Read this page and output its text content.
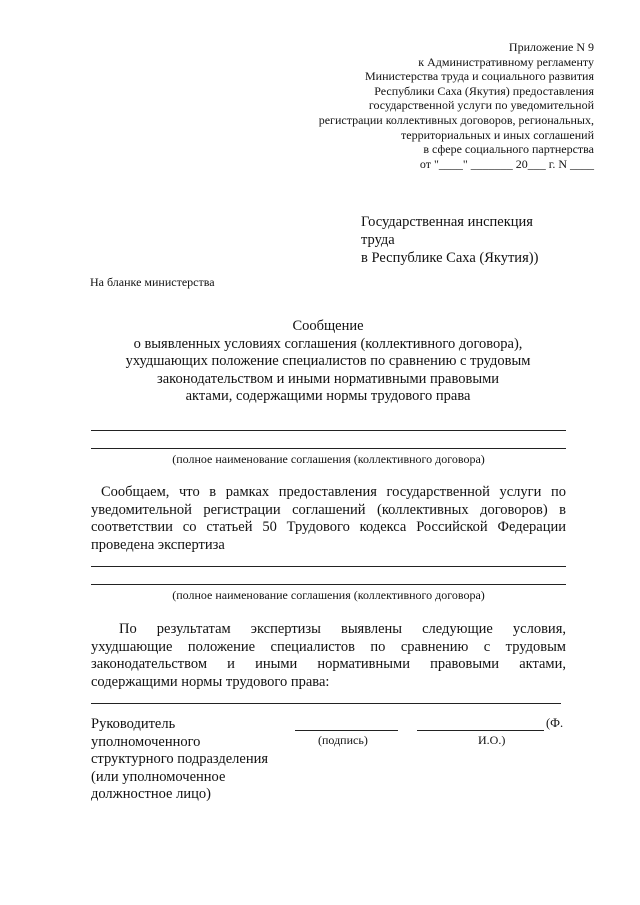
Приложение N 9
к Административному регламенту
Министерства труда и социального развития
Республики Саха (Якутия) предоставления
государственной услуги по уведомительной
регистрации коллективных договоров, региональных,
территориальных и иных соглашений
в сфере социального партнерства
от "____" _______ 20___ г. N ____
Государственная инспекция
труда
в Республике Саха (Якутия))
На бланке министерства
Сообщение
о выявленных условиях соглашения (коллективного договора),
ухудшающих положение специалистов по сравнению с трудовым
законодательством и иными нормативными правовыми
актами, содержащими нормы трудового права
(полное наименование соглашения (коллективного договора)
Сообщаем, что в рамках предоставления государственной услуги по
уведомительной регистрации соглашений (коллективных договоров) в
соответствии со статьей 50 Трудового кодекса Российской Федерации
проведена экспертиза
(полное наименование соглашения (коллективного договора)
По результатам экспертизы выявлены следующие условия,
ухудшающие положение специалистов по сравнению с трудовым
законодательством и иными нормативными правовыми актами,
содержащими нормы трудового права:
Руководитель
уполномоченного
структурного подразделения
(или уполномоченное
должностное лицо)
(Ф.
(подпись)	И.О.)
